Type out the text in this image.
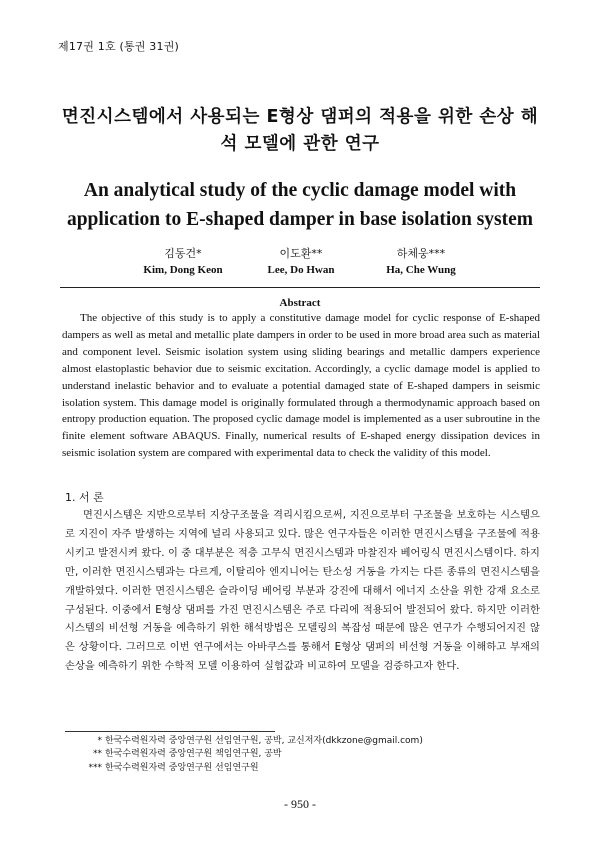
제17권 1호 (통권 31권)
면진시스템에서 사용되는 E형상 댐퍼의 적용을 위한 손상 해석 모델에 관한 연구
An analytical study of the cyclic damage model with application to E-shaped damper in base isolation system
김동건*
Kim, Dong Keon
이도환**
Lee, Do Hwan
하체웅***
Ha, Che Wung
Abstract
The objective of this study is to apply a constitutive damage model for cyclic response of E-shaped dampers as well as metal and metallic plate dampers in order to be used in more broad area such as material and component level. Seismic isolation system using sliding bearings and metallic dampers experience almost elastoplastic behavior due to seismic excitation. Accordingly, a cyclic damage model is applied to understand inelastic behavior and to evaluate a potential damaged state of E-shaped dampers in seismic isolation system. This damage model is originally formulated through a thermodynamic approach based on entropy production equation. The proposed cyclic damage model is implemented as a user subroutine in the finite element software ABAQUS. Finally, numerical results of E-shaped energy dissipation devices in seismic isolation system are compared with experimental data to check the validity of this model.
1. 서 론
면진시스템은 지반으로부터 지상구조물을 격리시킴으로써, 지진으로부터 구조물을 보호하는 시스템으로 지진이 자주 발생하는 지역에 널리 사용되고 있다. 많은 연구자들은 이러한 면진시스템을 구조물에 적용시키고 발전시켜 왔다. 이 중 대부분은 적층 고무식 면진시스템과 마찰진자 베어링식 면진시스템이다. 하지만, 이러한 면진시스템과는 다르게, 이탈리아 엔지니어는 탄소성 거동을 가지는 다른 종류의 면진시스템을 개발하였다. 이러한 면진시스템은 슬라이딩 베어링 부분과 강진에 대해서 에너지 소산을 위한 강재 요소로 구성된다. 이중에서 E형상 댐퍼를 가진 면진시스템은 주로 다리에 적용되어 발전되어 왔다. 하지만 이러한 시스템의 비선형 거동을 예측하기 위한 해석방법은 모델링의 복잡성 때문에 많은 연구가 수행되어지진 않은 상황이다. 그러므로 이번 연구에서는 아바쿠스를 통해서 E형상 댐퍼의 비선형 거동을 이해하고 부재의 손상을 예측하기 위한 수학적 모델 이용하여 실험값과 비교하여 모델을 검증하고자 한다.
* 한국수력원자력 중앙연구원 선임연구원, 공박, 교신저자(dkkzone@gmail.com)
** 한국수력원자력 중앙연구원 책임연구원, 공박
*** 한국수력원자력 중앙연구원 선임연구원
- 950 -
